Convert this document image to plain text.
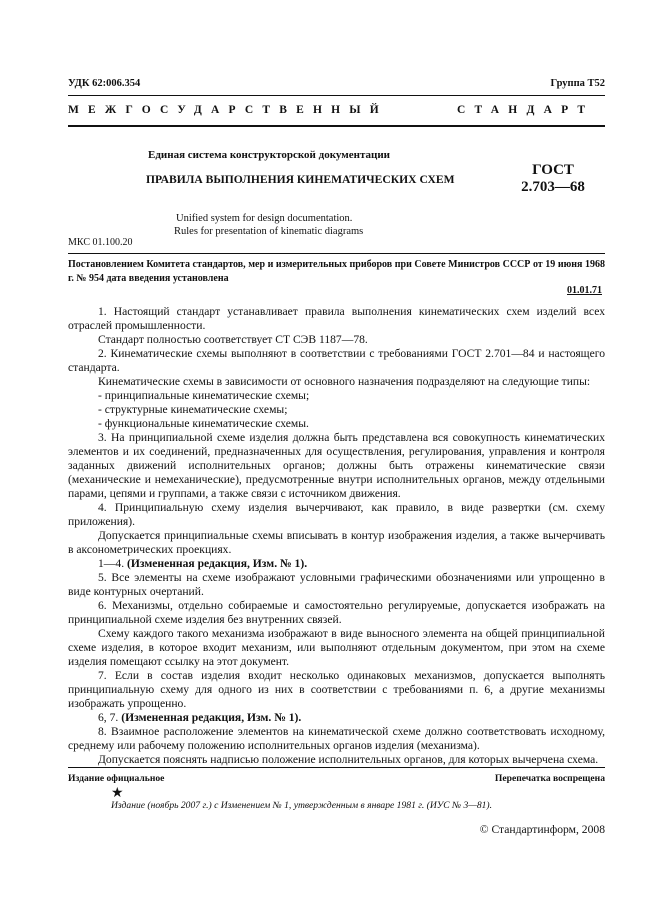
УДК 62:006.354	Группа Т52
МЕЖГОСУДАРСТВЕННЫЙ	СТАНДАРТ
Единая система конструкторской документации
ПРАВИЛА ВЫПОЛНЕНИЯ КИНЕМАТИЧЕСКИХ СХЕМ
ГОСТ
2.703—68
Unified system for design documentation.
Rules for presentation of kinematic diagrams
МКС 01.100.20
Постановлением Комитета стандартов, мер и измерительных приборов при Совете Министров СССР от 19 июня 1968 г. № 954 дата введения установлена
01.01.71

1. Настоящий стандарт устанавливает правила выполнения кинематических схем изделий всех отраслей промышленности.

Стандарт полностью соответствует СТ СЭВ 1187—78.

2. Кинематические схемы выполняют в соответствии с требованиями ГОСТ 2.701—84 и настоящего стандарта.

Кинематические схемы в зависимости от основного назначения подразделяют на следующие типы:

- принципиальные кинематические схемы;

- структурные кинематические схемы;

- функциональные кинематические схемы.

3. На принципиальной схеме изделия должна быть представлена вся совокупность кинематических элементов и их соединений, предназначенных для осуществления, регулирования, управления и контроля заданных движений исполнительных органов; должны быть отражены кинематические связи (механические и немеханические), предусмотренные внутри исполнительных органов, между отдельными парами, цепями и группами, а также связи с источником движения.

4. Принципиальную схему изделия вычерчивают, как правило, в виде развертки (см. схему приложения).

Допускается принципиальные схемы вписывать в контур изображения изделия, а также вычерчивать в аксонометрических проекциях.

1—4. (Измененная редакция, Изм. № 1).

5. Все элементы на схеме изображают условными графическими обозначениями или упрощенно в виде контурных очертаний.

6. Механизмы, отдельно собираемые и самостоятельно регулируемые, допускается изображать на принципиальной схеме изделия без внутренних связей.

Схему каждого такого механизма изображают в виде выносного элемента на общей принципиальной схеме изделия, в которое входит механизм, или выполняют отдельным документом, при этом на схеме изделия помещают ссылку на этот документ.

7. Если в состав изделия входит несколько одинаковых механизмов, допускается выполнять принципиальную схему для одного из них в соответствии с требованиями п. 6, а другие механизмы изображать упрощенно.

6, 7. (Измененная редакция, Изм. № 1).

8. Взаимное расположение элементов на кинематической схеме должно соответствовать исходному, среднему или рабочему положению исполнительных органов изделия (механизма).

Допускается пояснять надписью положение исполнительных органов, для которых вычерчена схема.

Издание официальное	Перепечатка воспрещена
★
Издание (ноябрь 2007 г.) с Изменением № 1, утвержденным в январе 1981 г. (ИУС № 3—81).
© Стандартинформ, 2008
